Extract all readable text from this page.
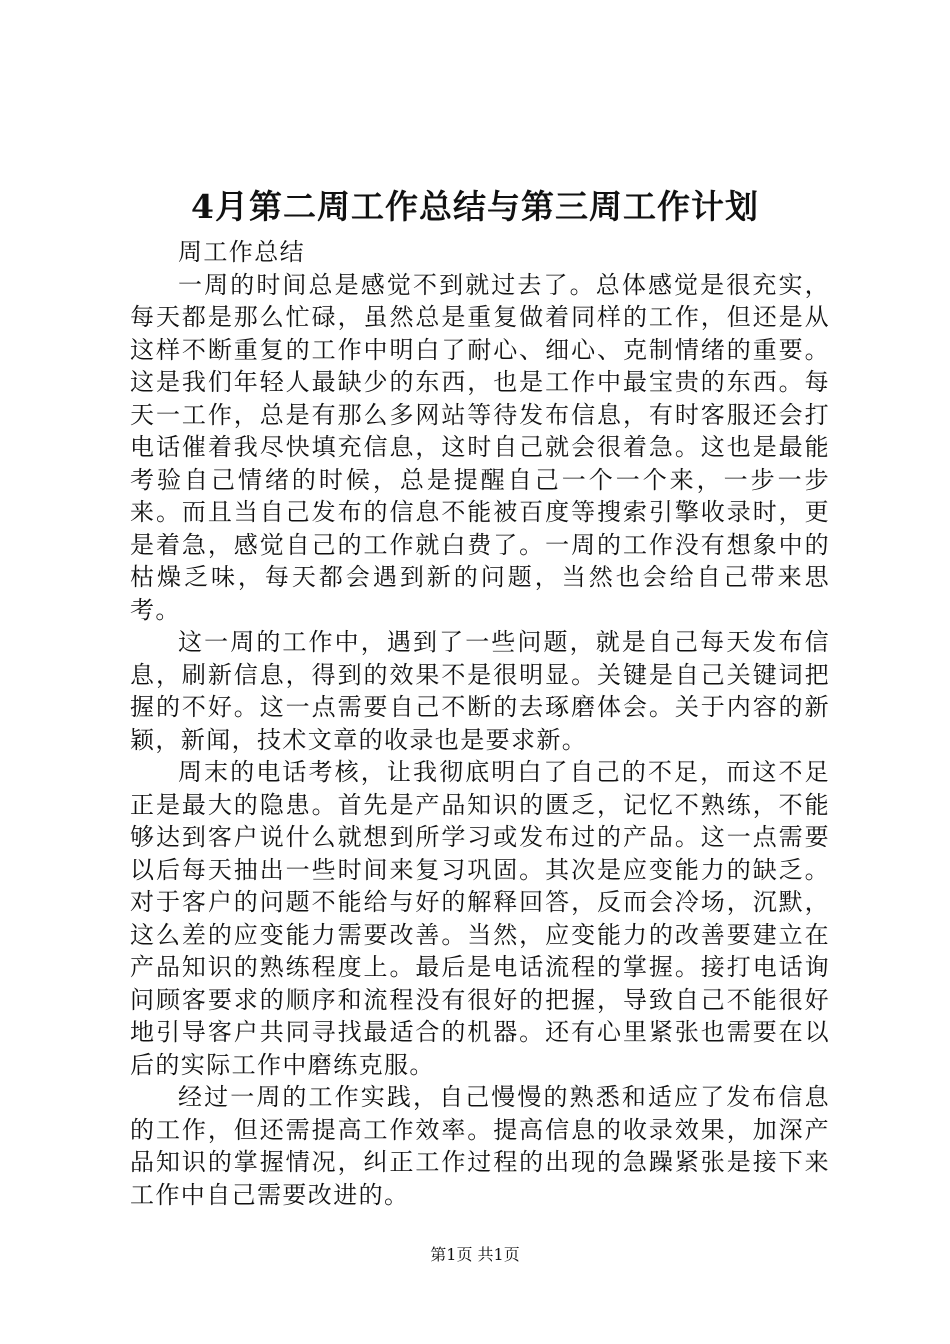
4月第二周工作总结与第三周工作计划

周工作总结

一周的时间总是感觉不到就过去了。总体感觉是很充实，每天都是那么忙碌，虽然总是重复做着同样的工作，但还是从这样不断重复的工作中明白了耐心、细心、克制情绪的重要。这是我们年轻人最缺少的东西，也是工作中最宝贵的东西。每天一工作，总是有那么多网站等待发布信息，有时客服还会打电话催着我尽快填充信息，这时自己就会很着急。这也是最能考验自己情绪的时候，总是提醒自己一个一个来，一步一步来。而且当自己发布的信息不能被百度等搜索引擎收录时，更是着急，感觉自己的工作就白费了。一周的工作没有想象中的枯燥乏味，每天都会遇到新的问题，当然也会给自己带来思考。

这一周的工作中，遇到了一些问题，就是自己每天发布信息，刷新信息，得到的效果不是很明显。关键是自己关键词把握的不好。这一点需要自己不断的去琢磨体会。关于内容的新颖，新闻，技术文章的收录也是要求新。

周末的电话考核，让我彻底明白了自己的不足，而这不足正是最大的隐患。首先是产品知识的匮乏，记忆不熟练，不能够达到客户说什么就想到所学习或发布过的产品。这一点需要以后每天抽出一些时间来复习巩固。其次是应变能力的缺乏。对于客户的问题不能给与好的解释回答，反而会冷场，沉默，这么差的应变能力需要改善。当然，应变能力的改善要建立在产品知识的熟练程度上。最后是电话流程的掌握。接打电话询问顾客要求的顺序和流程没有很好的把握，导致自己不能很好地引导客户共同寻找最适合的机器。还有心里紧张也需要在以后的实际工作中磨练克服。

经过一周的工作实践，自己慢慢的熟悉和适应了发布信息的工作，但还需提高工作效率。提高信息的收录效果，加深产品知识的掌握情况，纠正工作过程的出现的急躁紧张是接下来工作中自己需要改进的。

第1页 共1页
